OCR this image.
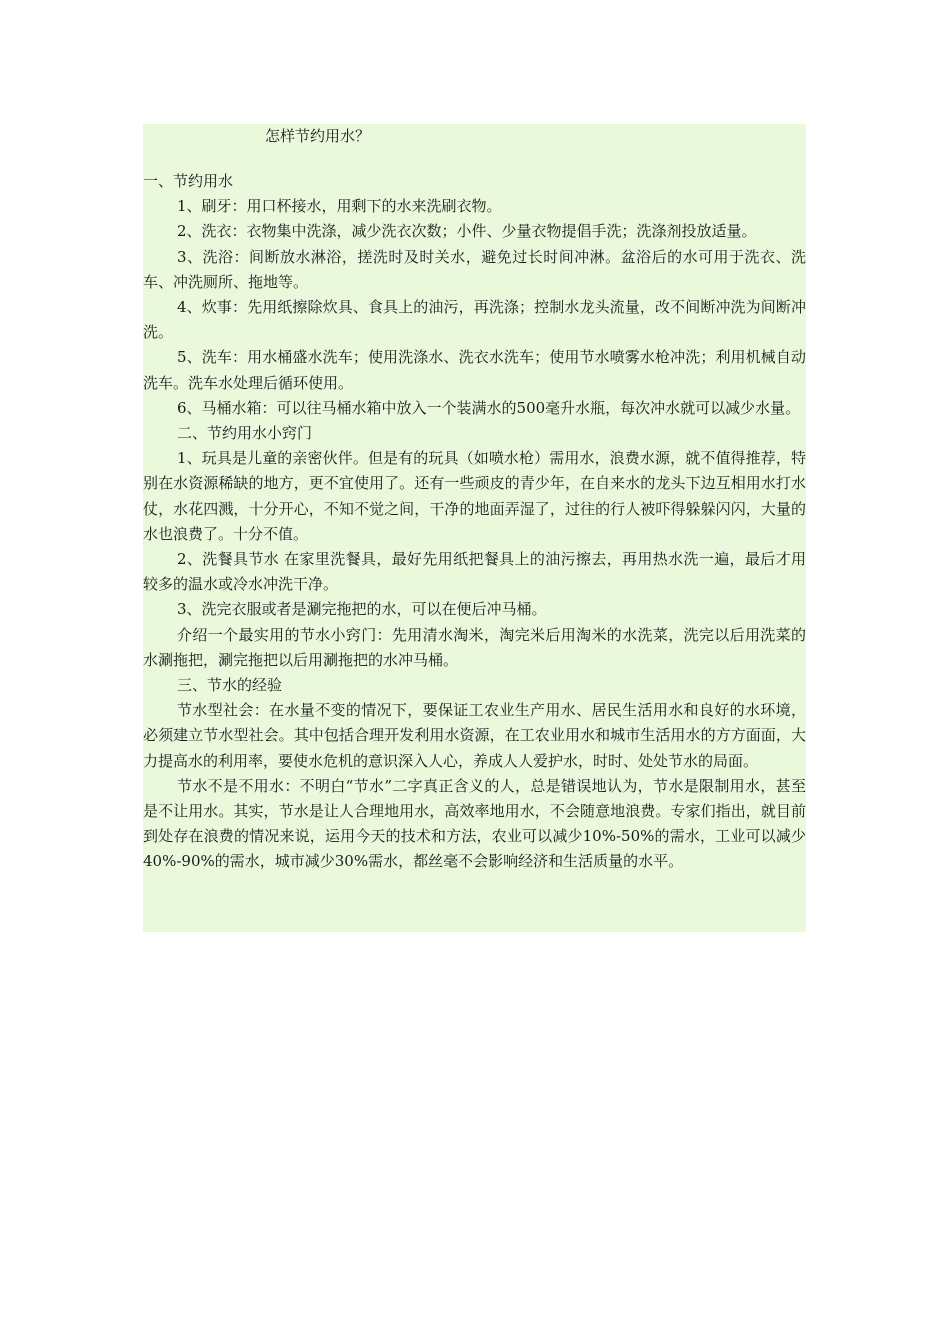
怎样节约用水？

一、节约用水

1、刷牙：用口杯接水，用剩下的水来洗刷衣物。

2、洗衣：衣物集中洗涤，减少洗衣次数；小件、少量衣物提倡手洗；洗涤剂投放适量。

3、洗浴：间断放水淋浴，搓洗时及时关水，避免过长时间冲淋。盆浴后的水可用于洗衣、洗车、冲洗厕所、拖地等。

4、炊事：先用纸擦除炊具、食具上的油污，再洗涤；控制水龙头流量，改不间断冲洗为间断冲洗。

5、洗车：用水桶盛水洗车；使用洗涤水、洗衣水洗车；使用节水喷雾水枪冲洗；利用机械自动洗车。洗车水处理后循环使用。

6、马桶水箱：可以往马桶水箱中放入一个装满水的500毫升水瓶，每次冲水就可以减少水量。

二、节约用水小窍门

1、玩具是儿童的亲密伙伴。但是有的玩具（如喷水枪）需用水，浪费水源，就不值得推荐，特别在水资源稀缺的地方，更不宜使用了。还有一些顽皮的青少年，在自来水的龙头下边互相用水打水仗，水花四溅，十分开心，不知不觉之间，干净的地面弄湿了，过往的行人被吓得躲躲闪闪，大量的水也浪费了。十分不值。

2、洗餐具节水 在家里洗餐具，最好先用纸把餐具上的油污擦去，再用热水洗一遍，最后才用较多的温水或冷水冲洗干净。

3、洗完衣服或者是涮完拖把的水，可以在便后冲马桶。

介绍一个最实用的节水小窍门：先用清水淘米，淘完米后用淘米的水洗菜，洗完以后用洗菜的水涮拖把，涮完拖把以后用涮拖把的水冲马桶。

三、节水的经验

节水型社会：在水量不变的情况下，要保证工农业生产用水、居民生活用水和良好的水环境，必须建立节水型社会。其中包括合理开发利用水资源，在工农业用水和城市生活用水的方方面面，大力提高水的利用率，要使水危机的意识深入人心，养成人人爱护水，时时、处处节水的局面。

节水不是不用水：不明白“节水”二字真正含义的人，总是错误地认为，节水是限制用水，甚至是不让用水。其实，节水是让人合理地用水，高效率地用水，不会随意地浪费。专家们指出，就目前到处存在浪费的情况来说，运用今天的技术和方法，农业可以减少10%-50%的需水，工业可以减少40%-90%的需水，城市减少30%需水，都丝毫不会影响经济和生活质量的水平。
